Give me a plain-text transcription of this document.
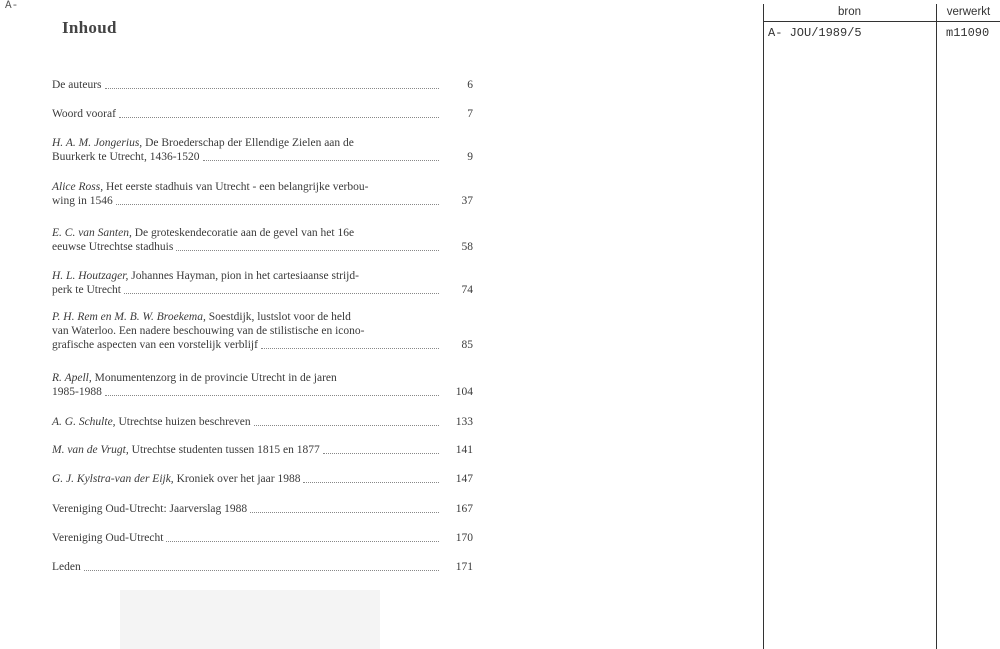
A-
Inhoud
De auteurs	6
Woord vooraf	7
H. A. M. Jongerius, De Broederschap der Ellendige Zielen aan de
Buurkerk te Utrecht, 1436-1520	9
Alice Ross, Het eerste stadhuis van Utrecht - een belangrijke verbou-
wing in 1546	37
E. C. van Santen, De groteskendecoratie aan de gevel van het 16e
eeuwse Utrechtse stadhuis	58
H. L. Houtzager, Johannes Hayman, pion in het cartesiaanse strijd-
perk te Utrecht	74
P. H. Rem en M. B. W. Broekema, Soestdijk, lustslot voor de held
van Waterloo. Een nadere beschouwing van de stilistische en icono-
grafische aspecten van een vorstelijk verblijf	85
R. Apell, Monumentenzorg in de provincie Utrecht in de jaren
1985-1988	104
A. G. Schulte, Utrechtse huizen beschreven	133
M. van de Vrugt, Utrechtse studenten tussen 1815 en 1877	141
G. J. Kylstra-van der Eijk, Kroniek over het jaar 1988	147
Vereniging Oud-Utrecht: Jaarverslag 1988	167
Vereniging Oud-Utrecht	170
Leden	171
bron	verwerkt
A- JOU/1989/5	m11090
